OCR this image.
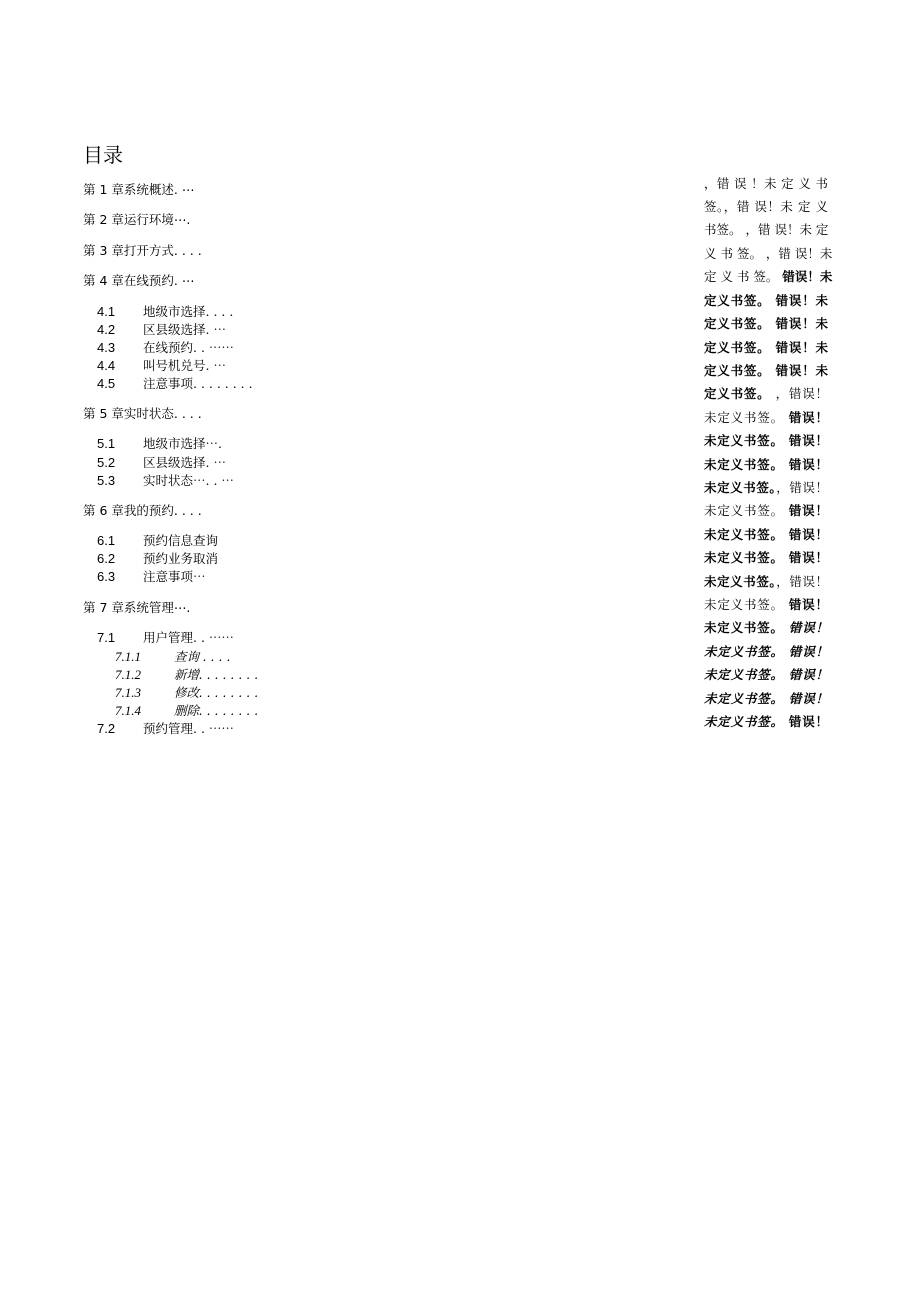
目录
第 1 章系统概述. ⋯
第 2 章运行环境⋯.
第 3 章打开方式. . . .
第 4 章在线预约. ⋯
4.1 地级市选择. . . .
4.2 区县级选择. ⋯
4.3 在线预约. . ⋯⋯
4.4 叫号机兑号. ⋯
4.5 注意事项. . . . . . . .
第 5 章实时状态. . . .
5.1 地级市选择⋯.
5.2 区县级选择. ⋯
5.3 实时状态⋯. . ⋯
第 6 章我的预约. . . .
6.1 预约信息查询
6.2 预约业务取消
6.3 注意事项⋯
第 7 章系统管理⋯.
7.1 用户管理. . ⋯⋯
7.1.1	查询 . . . .
7.1.2	新增. . . . . . . .
7.1.3	修改. . . . . . . .
7.1.4	删除. . . . . . . .
7.2 预约管理. . ⋯⋯
，错 误 ！未 定 义 书
签。，错 误！未 定 义
书签。 ，错 误！未 定
义 书 签。 ，错 误！未
定 义 书 签。 错误！未
定义书签。 错误！未
定义书签。 错误！未
定义书签。 错误！未
定义书签。 错误！未
定义书签。 ，错误！
未定义书签。 错误！
未定义书签。 错误！
未定义书签。 错误！
未定义书签。，错误！
未定义书签。 错误！
未定义书签。 错误！
未定义书签。 错误！
未定义书签。，错误！
未定义书签。 错误！
未定义书签。 错误！
未定义书签。 错误！
未定义书签。 错误！
未定义书签。 错误！
未定义书签。 错误！
